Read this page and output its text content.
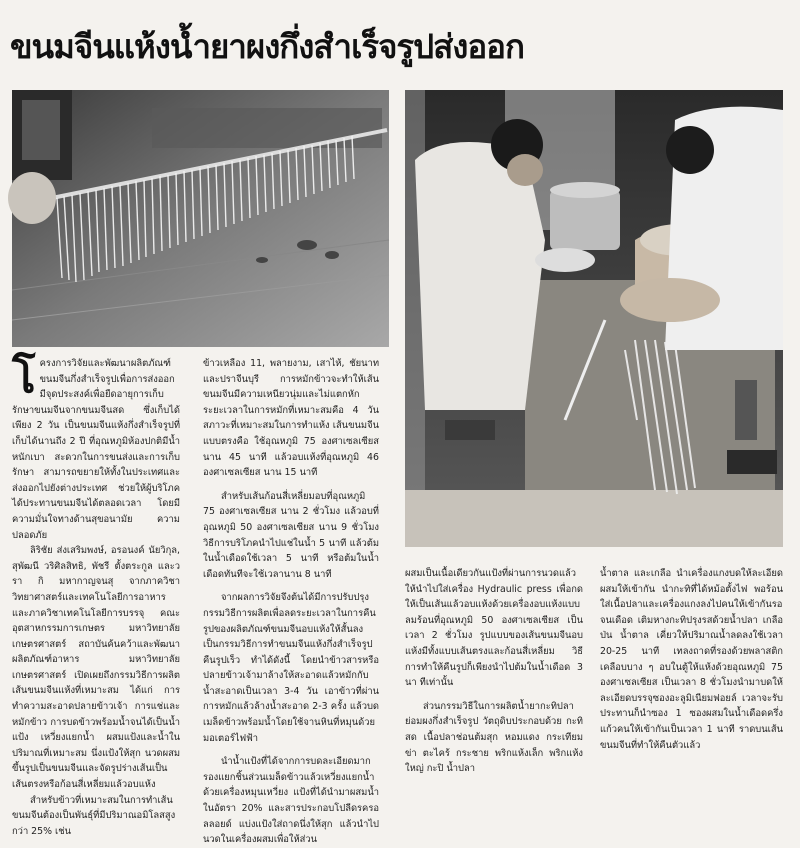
ขนมจีนแห้งน้ำยาผงกึ่งสำเร็จรูปส่งออก

โ ครงการวิจัยและพัฒนาผลิตภัณฑ์ขนมจีนกึ่งสำเร็จรูปเพื่อการส่งออกมีจุดประสงค์เพื่อยืดอายุการเก็บรักษาขนมจีนจากขนมจีนสด ซึ่งเก็บได้เพียง 2 วัน เป็นขนมจีนแห้งกึ่งสำเร็จรูปที่เก็บได้นานถึง 2 ปี ที่อุณหภูมิห้องปกติมีน้ำหนักเบา สะดวกในการขนส่งและการเก็บรักษา สามารถขยายให้ทั้งในประเทศและส่งออกไปยังต่างประเทศ ช่วยให้ผู้บริโภคได้ประทานขนมจีนได้ตลอดเวลา โดยมีความมั่นใจทางด้านสุขอนามัย ความปลอดภัย

ลิริชัย ส่งเสริมพงษ์, อรอนงค์ นัยวิกุล, สุพัฒนี วริศิลสิทธิ, พัชรี ตั้งตระกูล และวรา กิ มหากาญจนสุ จากภาควิชาวิทยาศาสตร์และเทคโนโลยีการอาหาร และภาควิชาเทคโนโลยีการบรรจุ คณะอุตสาหกรรมการเกษตร มหาวิทยาลัยเกษตรศาสตร์ สถาบันค้นคว้าและพัฒนาผลิตภัณฑ์อาหาร มหาวิทยาลัยเกษตรศาสตร์ เปิดเผยถึงกรรมวิธีการผลิตเส้นขนมจีนแห้งที่เหมาะสม ได้แก่ การทำความสะอาดปลายข้าวเจ้า การแช่และหมักข้าว การบดข้าวพร้อมน้ำจนได้เป็นน้ำแป้ง เหวี่ยงแยกน้ำ ผสมแป้งและน้ำในปริมาณที่เหมาะสม นึ่งแป้งให้สุก นวดผสมขึ้นรูปเป็นขนมจีนและจัดรูปร่างเส้นเป็นเส้นตรงหรือก้อนสี่เหลี่ยมแล้วอบแห้ง

สำหรับข้าวที่เหมาะสมในการทำเส้นขนมจีนต้องเป็นพันธุ์ที่มีปริมาณอมิโลสสูงกว่า 25% เช่น

ข้าวเหลือง 11, พลายงาม, เสาไห้, ชัยนาทและปราจีนบุรี การหมักข้าวจะทำให้เส้นขนมจีนมีความเหนียวนุ่มและไม่แตกหัก ระยะเวลาในการหมักที่เหมาะสมคือ 4 วัน สภาวะที่เหมาะสมในการทำแห้ง เส้นขนมจีนแบบตรงคือ ใช้อุณหภูมิ 75 องศาเซลเซียส นาน 45 นาที แล้วอบแห้งที่อุณหภูมิ 46 องศาเซลเซียส นาน 15 นาที

สำหรับเส้นก้อนสี่เหลี่ยมอบที่อุณหภูมิ 75 องศาเซลเซียส นาน 2 ชั่วโมง แล้วอบที่อุณหภูมิ 50 องศาเซลเซียส นาน 9 ชั่วโมง วิธีการบริโภคนำไปแช่ในน้ำ 5 นาที แล้วต้มในน้ำเดือดใช้เวลา 5 นาที หรือต้มในน้ำเดือดทันทีจะใช้เวลานาน 8 นาที

จากผลการวิจัยจึงต้นได้มีการปรับปรุงกรรมวิธีการผลิตเพื่อลดระยะเวลาในการคืนรูปของผลิตภัณฑ์ขนมจีนอบแห้งให้สั้นลง เป็นกรรมวิธีการทำขนมจีนแห้งกึ่งสำเร็จรูปคืนรูปเร็ว ทำได้ดังนี้ โดยนำข้าวสารหรือปลายข้าวเจ้ามาล้างให้สะอาดแล้วหมักกับน้ำสะอาดเป็นเวลา 3-4 วัน เอาข้าวที่ผ่านการหมักแล้วล้างน้ำสะอาด 2-3 ครั้ง แล้วบดเมล็ดข้าวพร้อมน้ำโดยใช้จานหินที่หมุนด้วยมอเตอร์ไฟฟ้า

นำน้ำแป้งที่ได้จากการบดละเอียดมากรองแยกชิ้นส่วนเมล็ดข้าวแล้วเหวี่ยงแยกน้ำด้วยเครื่องหมุนเหวี่ยง แป้งที่ได้นำมาผสมน้ำในอัตรา 20% และสารประกอบโปลีดรครอลลอยด์ แบ่งแป้งใส่ถาดนึ่งให้สุก แล้วนำไปนวดในเครื่องผสมเพื่อให้ส่วน

ผสมเป็นเนื้อเดียวกันแป้งที่ผ่านการนวดแล้วให้นำไปใส่เครื่อง Hydraulic press เพื่อกดให้เป็นเส้นแล้วอบแห้งด้วยเครื่องอบแห้งแบบลมร้อนที่อุณหภูมิ 50 องศาเซลเซียส เป็นเวลา 2 ชั่วโมง รูปแบบของเส้นขนมจีนอบแห้งมีทั้งแบบเส้นตรงและก้อนสี่เหลี่ยม วิธีการทำให้คืนรูปก็เพียงนำไปต้มในน้ำเดือด 3 นา ทีเท่านั้น

ส่วนกรรมวิธีในการผลิตน้ำยากะทิปลาย่อมผงกึ่งสำเร็จรูป วัตถุดิบประกอบด้วย กะทิสด เนื้อปลาช่อนต้มสุก หอมแดง กระเทียม ข่า ตะไคร้ กระชาย พริกแห้งเล็ก พริกแห้งใหญ่ กะปิ น้ำปลา

น้ำตาล และเกลือ นำเครื่องแกงบดให้ละเอียดผสมให้เข้ากัน นำกะทิที่ได้หม้อตั้งไฟ พอร้อนใส่เนื้อปลาและเครื่องแกงลงไปคนให้เข้ากันรอจนเดือด เติมหางกะทิปรุงรสด้วยน้ำปลา เกลือป่น น้ำตาล เคี่ยวให้ปริมาณน้ำลดลงใช้เวลา 20-25 นาที เทลงถาดที่รองด้วยพลาสติกเคลือบบาง ๆ อบในตู้ให้แห้งด้วยอุณหภูมิ 75 องศาเซลเซียส เป็นเวลา 8 ชั่วโมงนำมาบดให้ละเอียดบรรจุซองอะลูมิเนียมฟอยล์ เวลาจะรับประทานก็นำซอง 1 ซองผสมในน้ำเดือดครึ่งแก้วคนให้เข้ากันเป็นเวลา 1 นาที ราดบนเส้นขนมจีนที่ทำให้คืนตัวแล้ว
